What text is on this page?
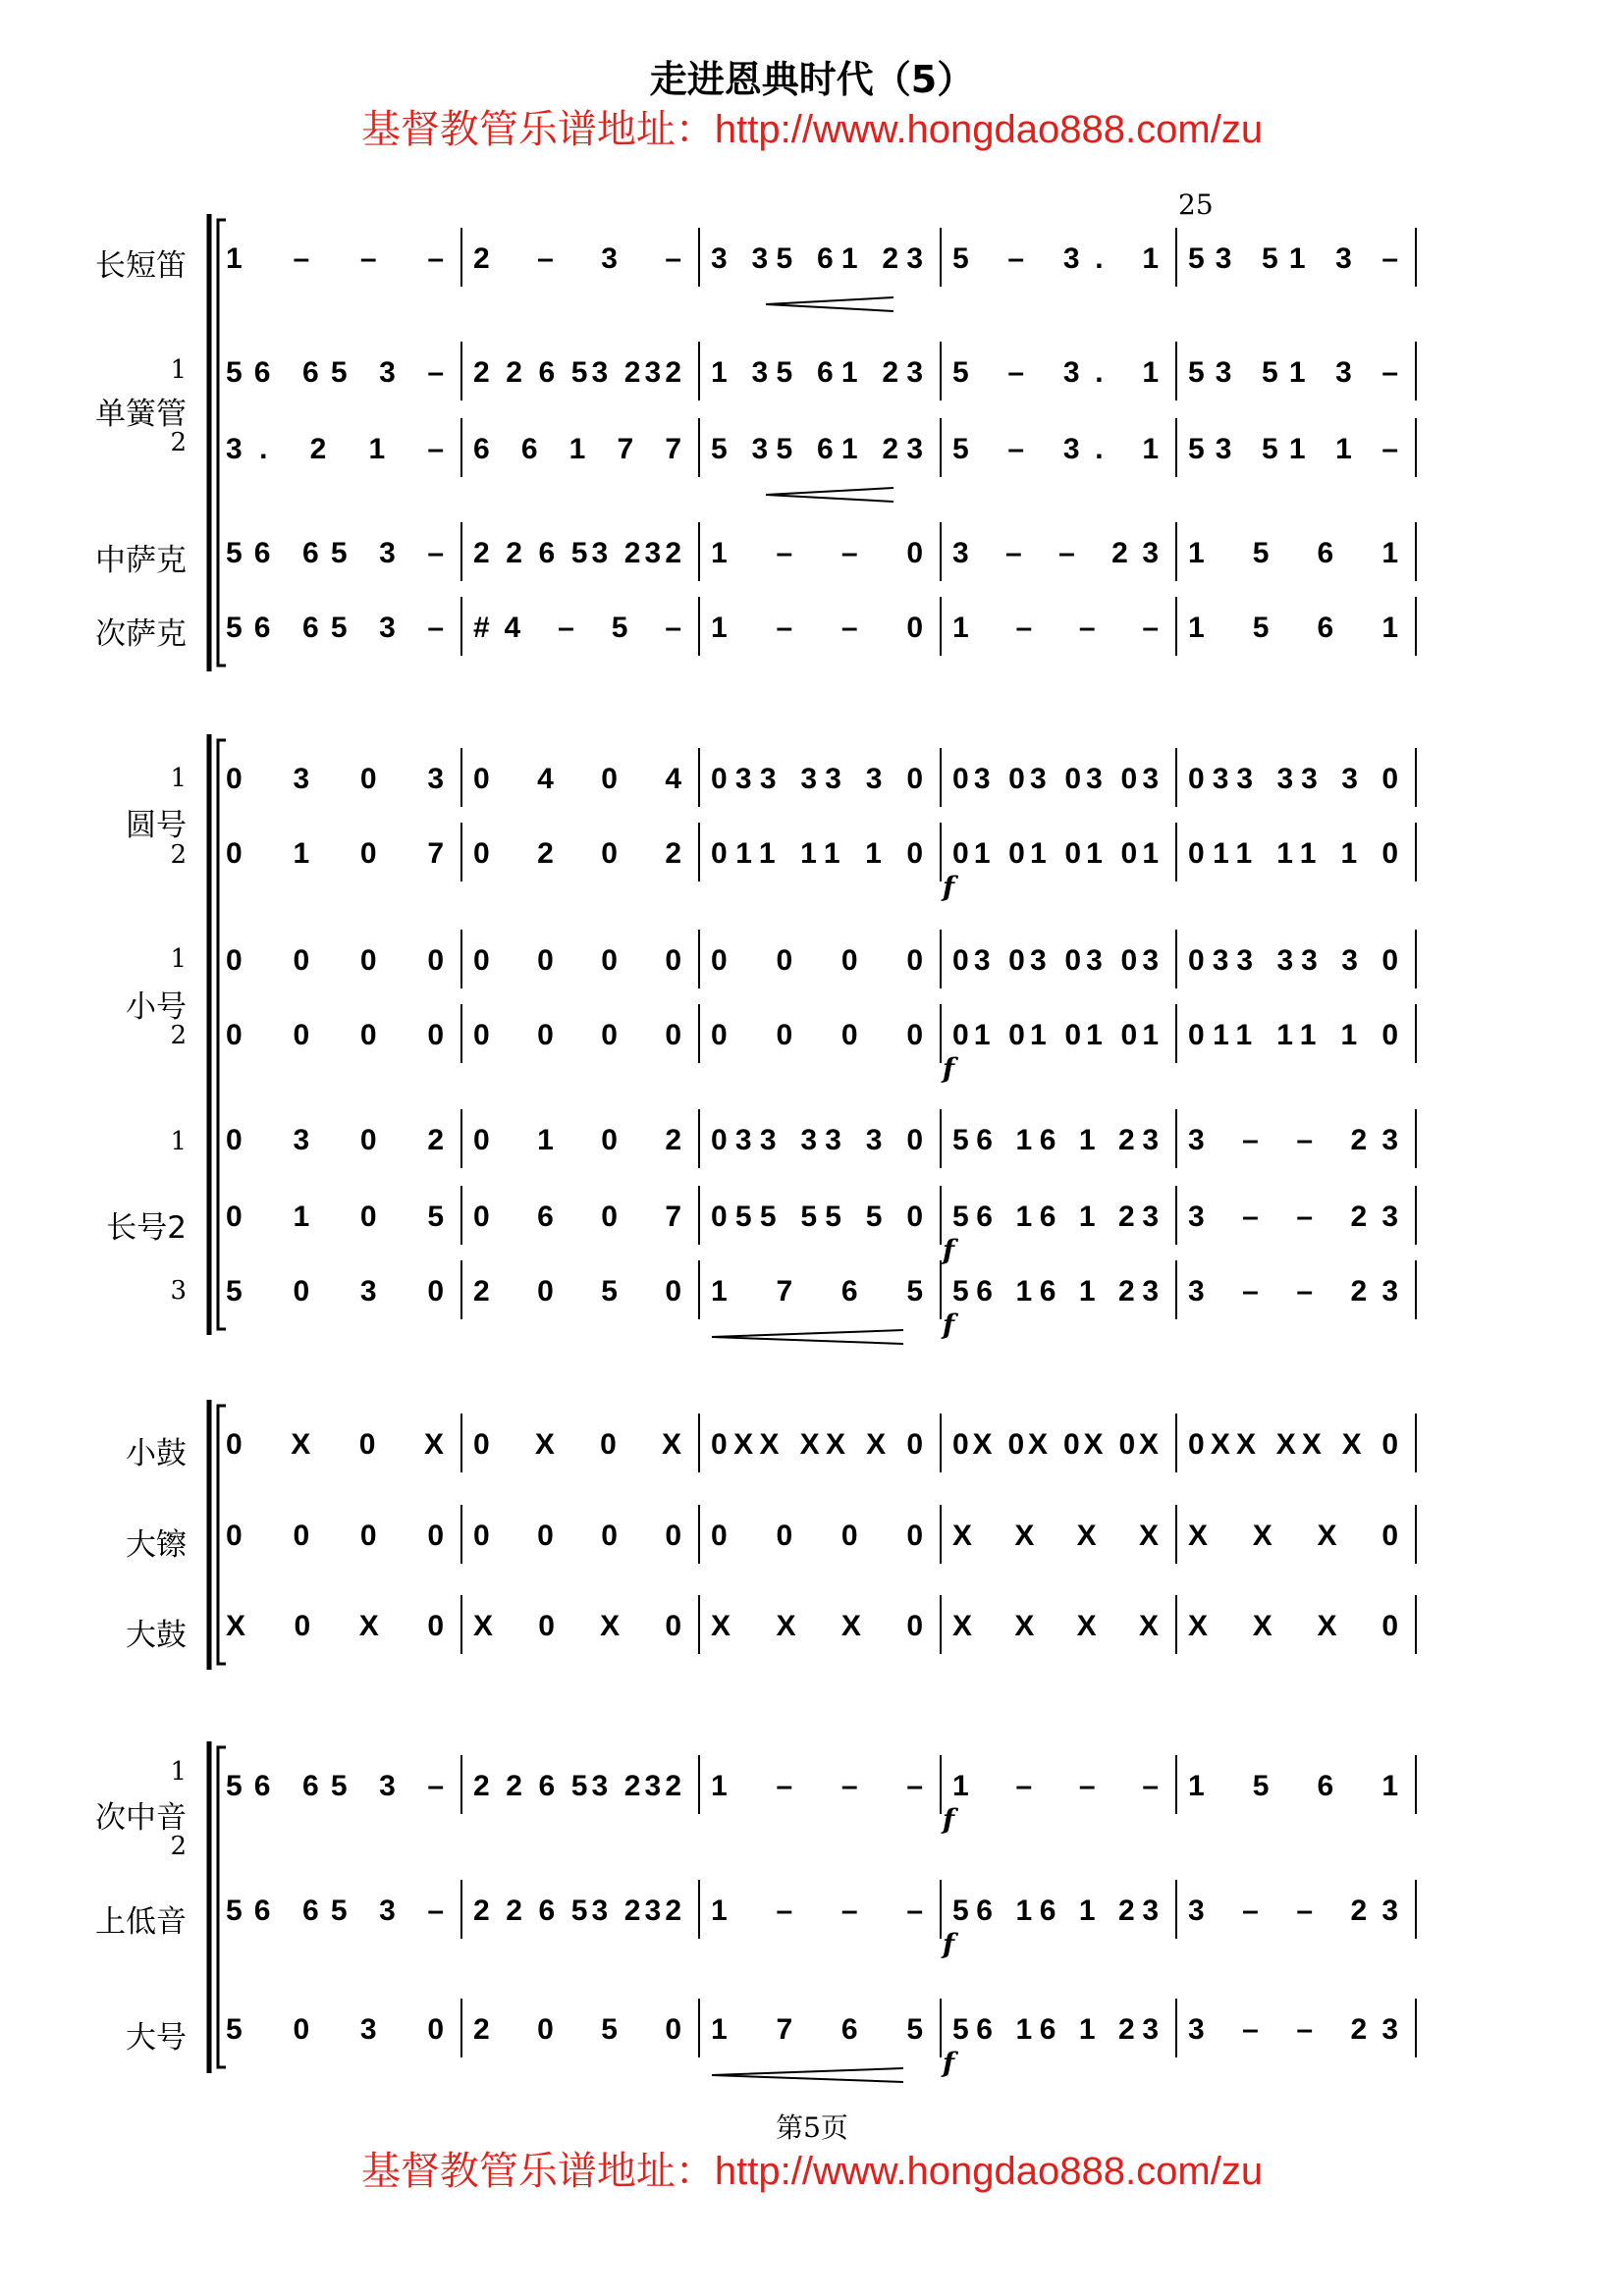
走进恩典时代（5）
基督教管乐谱地址：http://www.hongdao888.com/zu
25
长短笛
1
单簧管
2
中萨克
次萨克
1
圆号
2
1
小号
2
1
长号2
3
小鼓
大镲
大鼓
1
次中音
2
上低音
大号
1 – – – 2 – 3 – 3 35 61 23 5 – 3. 1 53 51 3 –
56 65 3 – 2 2 6 53 232 1 35 61 23 5 – 3. 1 53 51 3 –
3. 2 1 – 6 6 1 7 7 5 35 61 23 5 – 3. 1 53 51 1 –
56 65 3 – 2 2 6 53 232 1 – – 0 3 – – 23 1 5 6 1
56 65 3 – #4 – 5 – 1 – – 0 1 – – – 1 5 6 1
0 3 0 3 0 4 0 4 033 33 3 0 03 03 03 03 033 33 3 0
0 1 0 7 0 2 0 2 011 11 1 0 01 01 01 01 011 11 1 0
0 0 0 0 0 0 0 0 0 0 0 0 03 03 03 03 033 33 3 0
0 0 0 0 0 0 0 0 0 0 0 0 01 01 01 01 011 11 1 0
0 3 0 2 0 1 0 2 033 33 3 0 56 16 1 23 3 – – 23
0 1 0 5 0 6 0 7 055 55 5 0 56 16 1 23 3 – – 23
5 0 3 0 2 0 5 0 1 7 6 5 56 16 1 23 3 – – 23
0 X 0 X 0 X 0 X 0XX XX X 0 0X 0X 0X 0X 0XX XX X 0
0 0 0 0 0 0 0 0 0 0 0 0 X X X X X X X 0
X 0 X 0 X 0 X 0 X X X 0 X X X X X X X 0
56 65 3 – 2 2 6 53 232 1 – – – 1 – – – 1 5 6 1
56 65 3 – 2 2 6 53 232 1 – – – 56 16 1 23 3 – – 23
5 0 3 0 2 0 5 0 1 7 6 5 56 16 1 23 3 – – 23
f
f
f
f
f
f
f
第5页
基督教管乐谱地址：http://www.hongdao888.com/zu
